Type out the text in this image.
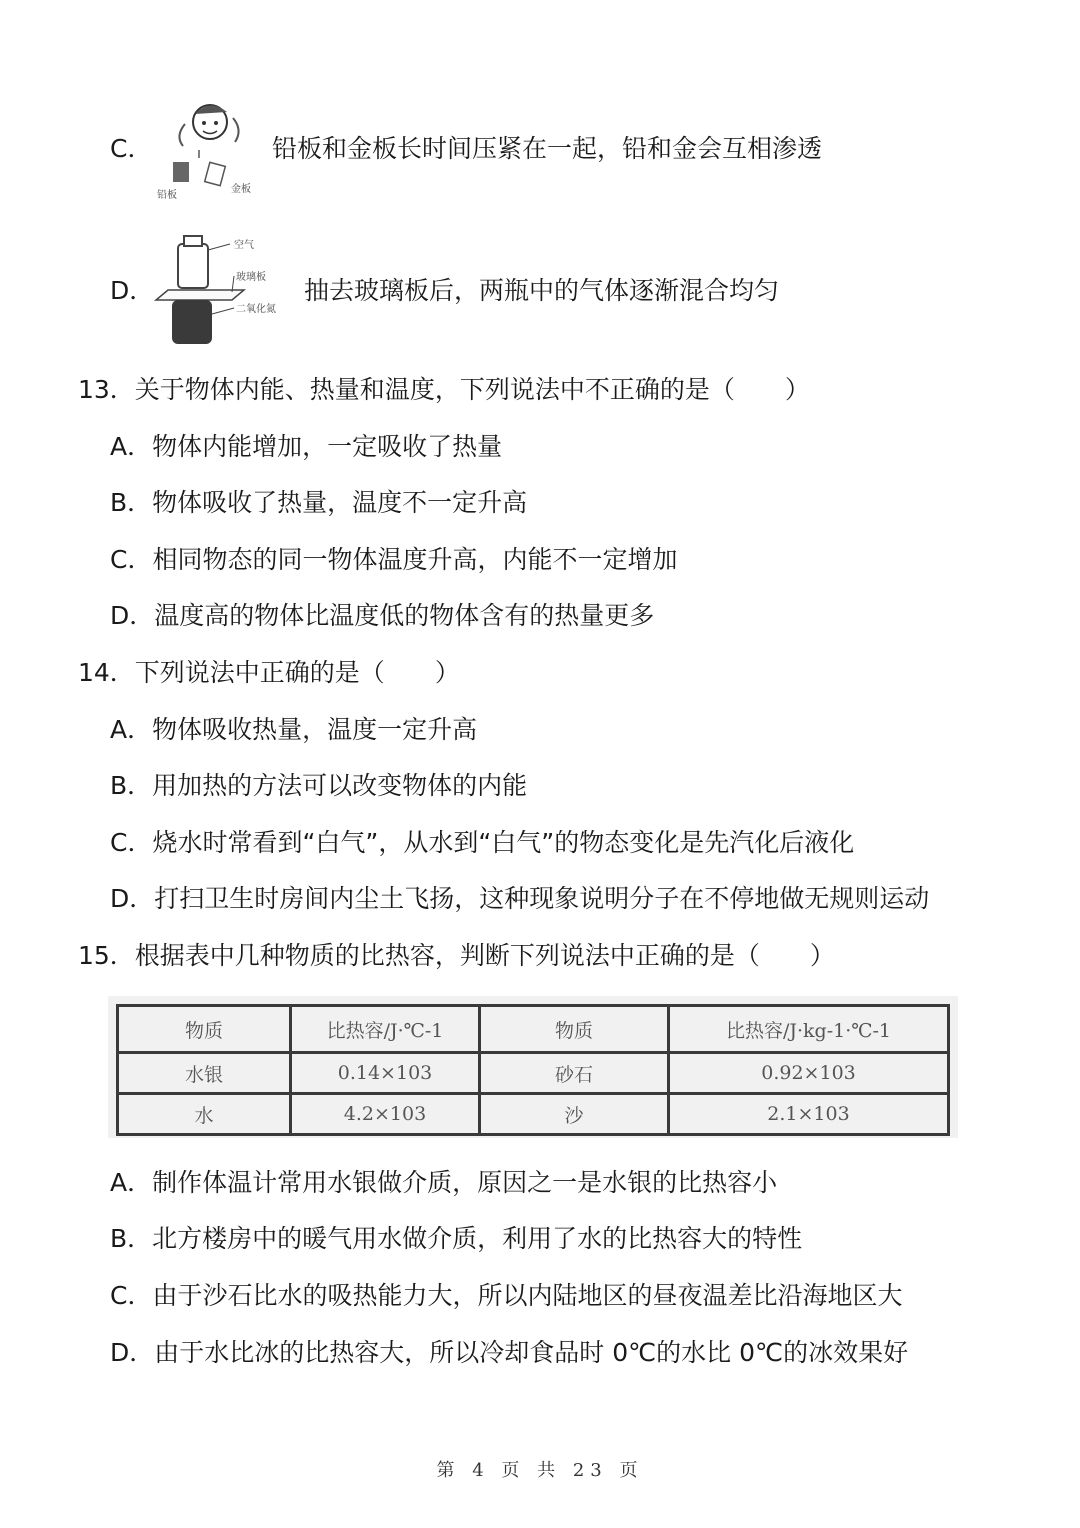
C．
铅板
金板
铅板和金板长时间压紧在一起，铅和金会互相渗透
D．
空气
玻璃板
二氧化氮
抽去玻璃板后，两瓶中的气体逐渐混合均匀
13．关于物体内能、热量和温度，下列说法中不正确的是（　　）
A．物体内能增加，一定吸收了热量
B．物体吸收了热量，温度不一定升高
C．相同物态的同一物体温度升高，内能不一定增加
D．温度高的物体比温度低的物体含有的热量更多
14．下列说法中正确的是（　　）
A．物体吸收热量，温度一定升高
B．用加热的方法可以改变物体的内能
C．烧水时常看到“白气”，从水到“白气”的物态变化是先汽化后液化
D．打扫卫生时房间内尘土飞扬，这种现象说明分子在不停地做无规则运动
15．根据表中几种物质的比热容，判断下列说法中正确的是（　　）
物质	比热容/J·℃-1	物质	比热容/J·kg-1·℃-1
水银	0.14×103	砂石	0.92×103
水	4.2×103	沙	2.1×103
A．制作体温计常用水银做介质，原因之一是水银的比热容小
B．北方楼房中的暖气用水做介质，利用了水的比热容大的特性
C．由于沙石比水的吸热能力大，所以内陆地区的昼夜温差比沿海地区大
D．由于水比冰的比热容大，所以冷却食品时 0℃的水比 0℃的冰效果好
第 4 页 共 23 页
